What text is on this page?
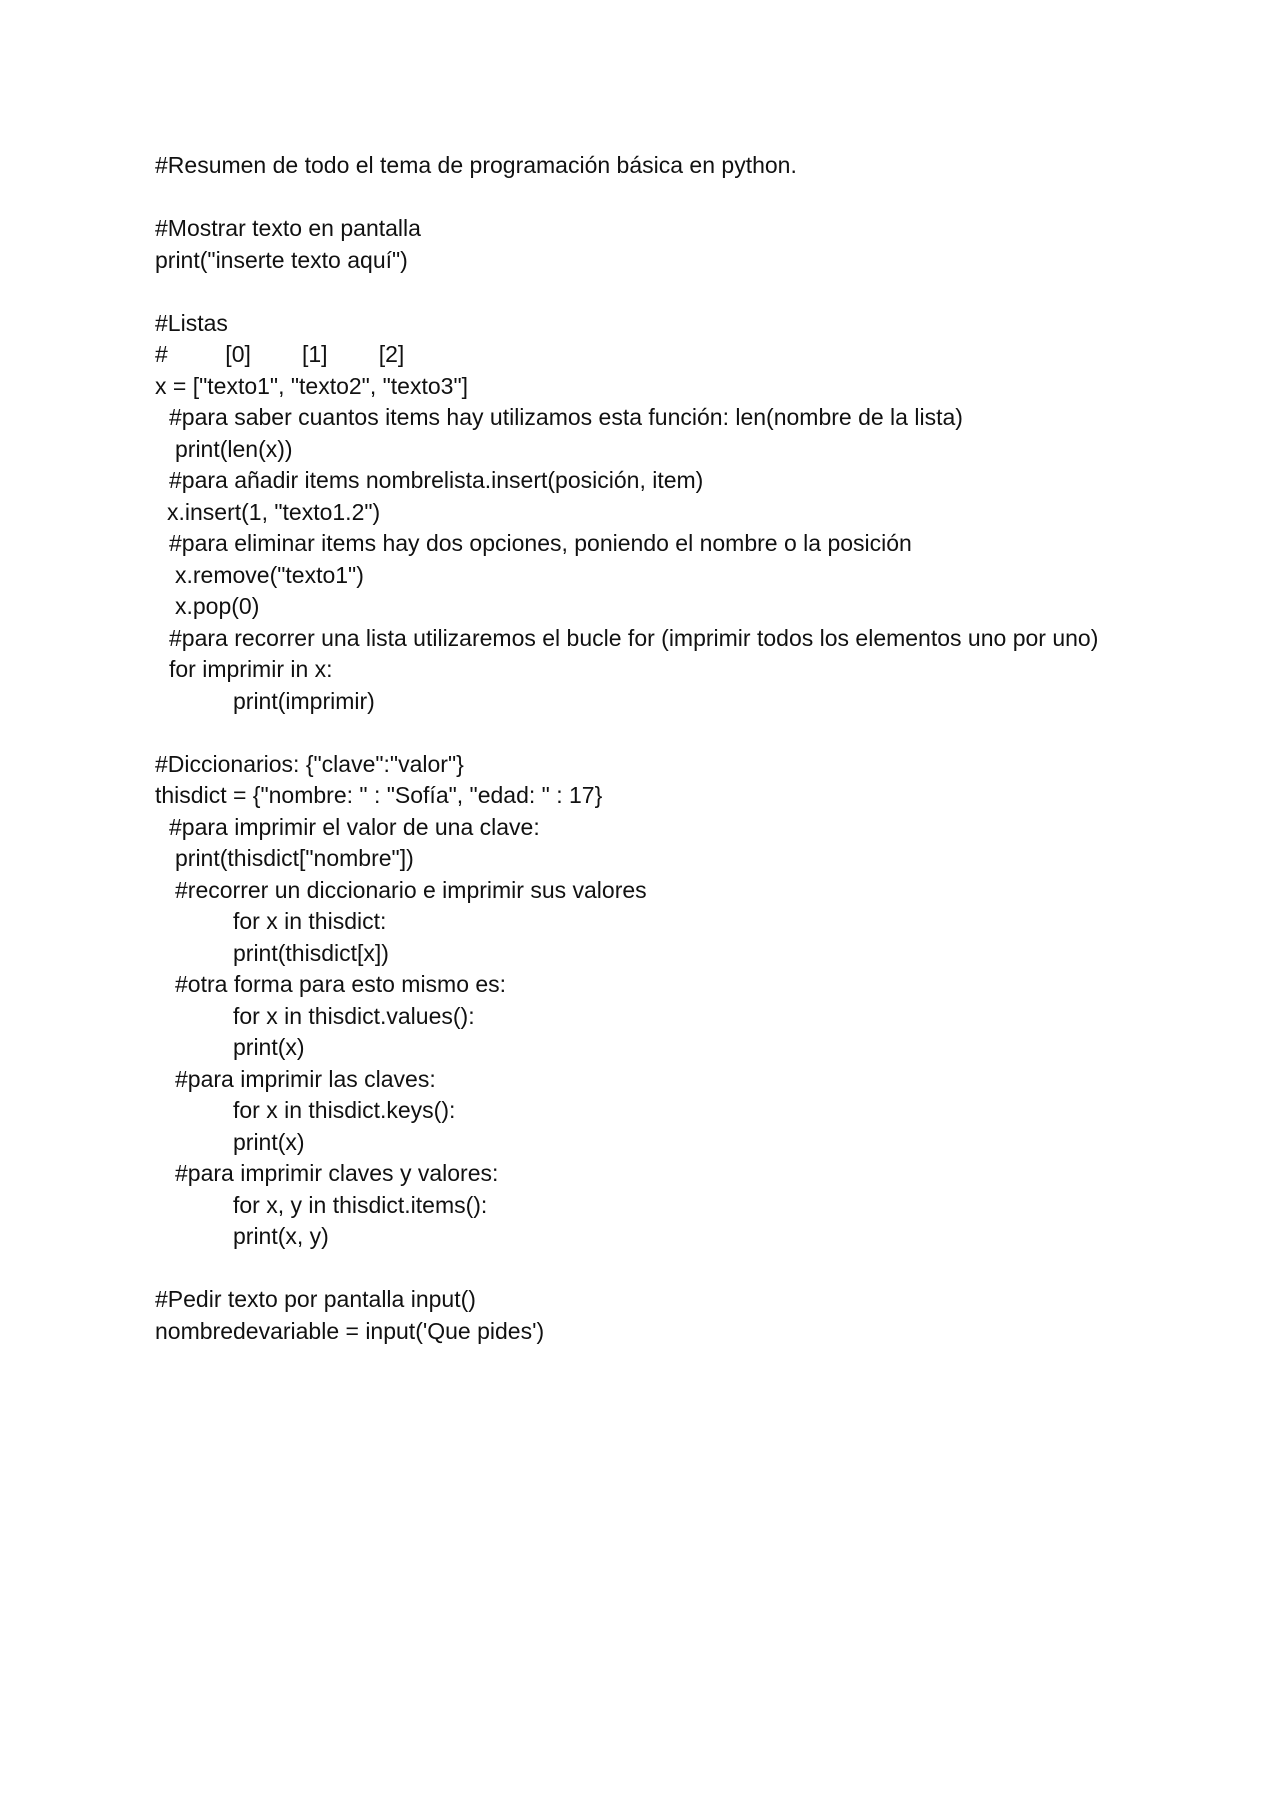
#Resumen de todo el tema de programación básica en python.
#Mostrar texto en pantalla
print("inserte texto aquí")
#Listas
#         [0]        [1]        [2]
x = ["texto1", "texto2", "texto3"]
#para saber cuantos items hay utilizamos esta función: len(nombre de la lista)
print(len(x))
#para añadir items nombrelista.insert(posición, item)
x.insert(1, "texto1.2")
#para eliminar items hay dos opciones, poniendo el nombre o la posición
x.remove("texto1")
x.pop(0)
#para recorrer una lista utilizaremos el bucle for (imprimir todos los elementos uno por uno)
for imprimir in x:
print(imprimir)
#Diccionarios: {"clave":"valor"}
thisdict = {"nombre: " : "Sofía", "edad: " : 17}
#para imprimir el valor de una clave:
print(thisdict["nombre"])
#recorrer un diccionario e imprimir sus valores
for x in thisdict:
print(thisdict[x])
#otra forma para esto mismo es:
for x in thisdict.values():
print(x)
#para imprimir las claves:
for x in thisdict.keys():
print(x)
#para imprimir claves y valores:
for x, y in thisdict.items():
print(x, y)
#Pedir texto por pantalla input()
nombredevariable = input('Que pides')
